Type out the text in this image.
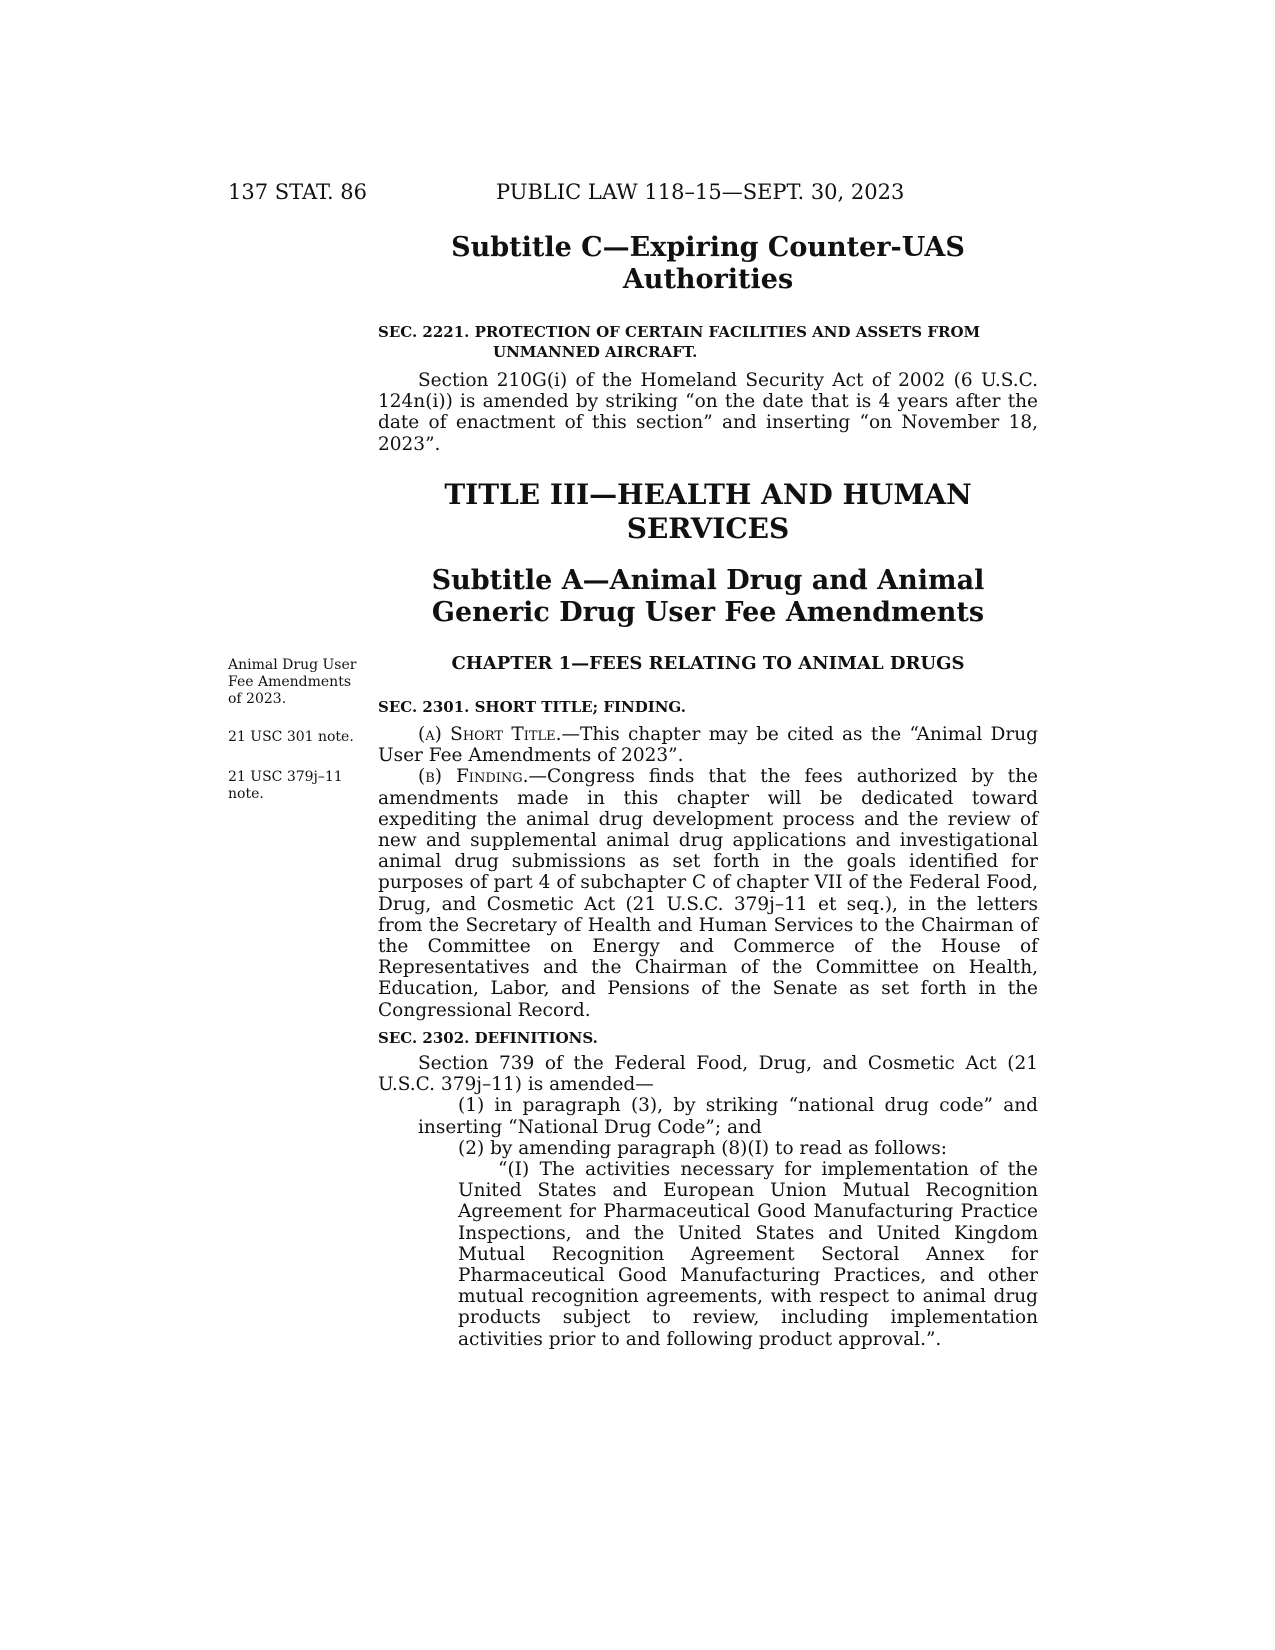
137 STAT. 86	PUBLIC LAW 118–15—SEPT. 30, 2023
Subtitle C—Expiring Counter-UAS
Authorities
SEC. 2221. PROTECTION OF CERTAIN FACILITIES AND ASSETS FROM
UNMANNED AIRCRAFT.

Section 210G(i) of the Homeland Security Act of 2002 (6 U.S.C. 124n(i)) is amended by striking “on the date that is 4 years after the date of enactment of this section” and inserting “on November 18, 2023”.

TITLE III—HEALTH AND HUMAN
SERVICES
Subtitle A—Animal Drug and Animal
Generic Drug User Fee Amendments
CHAPTER 1—FEES RELATING TO ANIMAL DRUGS

Animal Drug User Fee Amendments of 2023.

21 USC 301 note.

21 USC 379j–11 note.

SEC. 2301. SHORT TITLE; FINDING.

(a) Short Title.—This chapter may be cited as the “Animal Drug User Fee Amendments of 2023”.

(b) Finding.—Congress finds that the fees authorized by the amendments made in this chapter will be dedicated toward expediting the animal drug development process and the review of new and supplemental animal drug applications and investigational animal drug submissions as set forth in the goals identified for purposes of part 4 of subchapter C of chapter VII of the Federal Food, Drug, and Cosmetic Act (21 U.S.C. 379j–11 et seq.), in the letters from the Secretary of Health and Human Services to the Chairman of the Committee on Energy and Commerce of the House of Representatives and the Chairman of the Committee on Health, Education, Labor, and Pensions of the Senate as set forth in the Congressional Record.

SEC. 2302. DEFINITIONS.

Section 739 of the Federal Food, Drug, and Cosmetic Act (21 U.S.C. 379j–11) is amended—

(1) in paragraph (3), by striking “national drug code” and inserting “National Drug Code”; and

(2) by amending paragraph (8)(I) to read as follows:

“(I) The activities necessary for implementation of the United States and European Union Mutual Recognition Agreement for Pharmaceutical Good Manufacturing Practice Inspections, and the United States and United Kingdom Mutual Recognition Agreement Sectoral Annex for Pharmaceutical Good Manufacturing Practices, and other mutual recognition agreements, with respect to animal drug products subject to review, including implementation activities prior to and following product approval.”.
